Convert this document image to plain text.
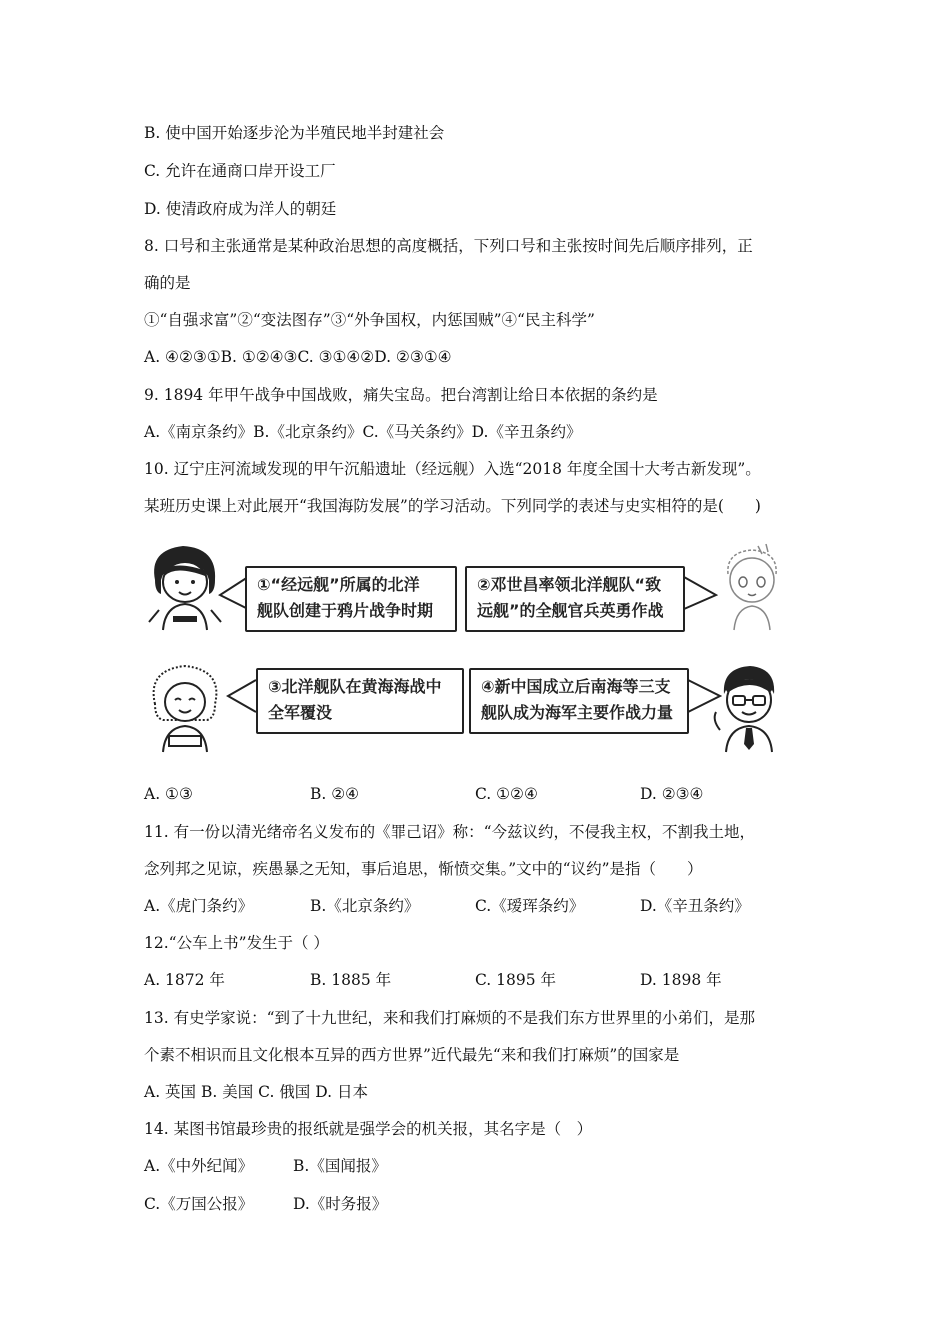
B. 使中国开始逐步沦为半殖民地半封建社会
C. 允许在通商口岸开设工厂
D. 使清政府成为洋人的朝廷
8. 口号和主张通常是某种政治思想的高度概括，下列口号和主张按时间先后顺序排列，正
确的是
①“自强求富”②“变法图存”③“外争国权，内惩国贼”④“民主科学”
A. ④②③①B. ①②④③C. ③①④②D. ②③①④
9. 1894 年甲午战争中国战败，痛失宝岛。把台湾割让给日本依据的条约是
A.《南京条约》B.《北京条约》C.《马关条约》D.《辛丑条约》
10. 辽宁庄河流域发现的甲午沉船遗址（经远舰）入选“2018 年度全国十大考古新发现”。
某班历史课上对此展开“我国海防发展”的学习活动。下列同学的表述与史实相符的是(　　)
①“经远舰”所属的北洋
舰队创建于鸦片战争时期
②邓世昌率领北洋舰队“致
远舰”的全舰官兵英勇作战
③北洋舰队在黄海海战中
全军覆没
④新中国成立后南海等三支
舰队成为海军主要作战力量
A. ①③	B. ②④	C. ①②④	D. ②③④
11. 有一份以清光绪帝名义发布的《罪己诏》称：“今兹议约，不侵我主权，不割我土地，
念列邦之见谅，疾愚暴之无知，事后追思，惭愤交集。”文中的“议约”是指（　　）
A.《虎门条约》	B.《北京条约》	C.《瑷珲条约》	D.《辛丑条约》
12.“公车上书”发生于（ ）
A. 1872 年	B. 1885 年	C. 1895 年	D. 1898 年
13. 有史学家说：“到了十九世纪，来和我们打麻烦的不是我们东方世界里的小弟们，是那
个素不相识而且文化根本互异的西方世界”近代最先“来和我们打麻烦”的国家是
A. 英国 B. 美国 C. 俄国 D. 日本
14. 某图书馆最珍贵的报纸就是强学会的机关报，其名字是（　）
A.《中外纪闻》	B.《国闻报》
C.《万国公报》	D.《时务报》
